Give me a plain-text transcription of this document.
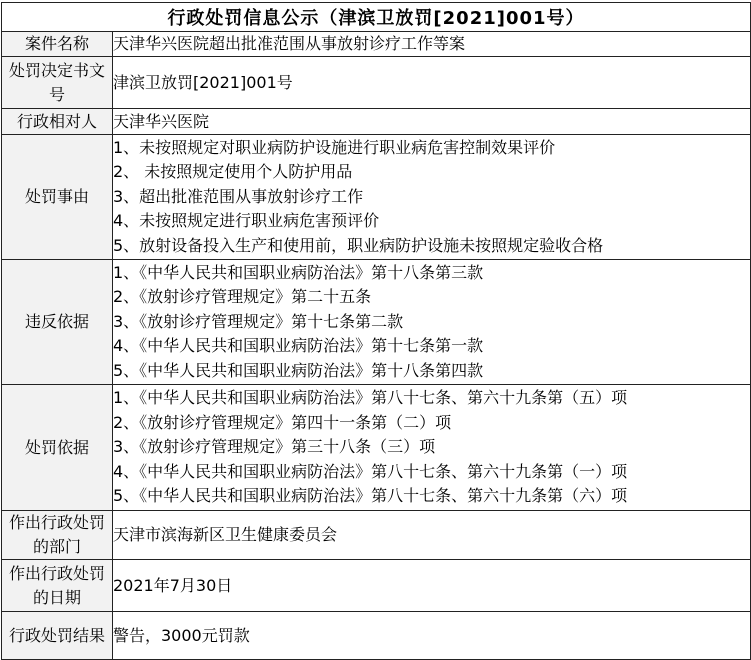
行政处罚信息公示（津滨卫放罚[2021]001号）	
案件名称	天津华兴医院超出批准范围从事放射诊疗工作等案
处罚决定书文号	津滨卫放罚[2021]001号
行政相对人	天津华兴医院
处罚事由	1、未按照规定对职业病防护设施进行职业病危害控制效果评价
2、 未按照规定使用个人防护用品
3、超出批准范围从事放射诊疗工作
4、未按照规定进行职业病危害预评价
5、放射设备投入生产和使用前，职业病防护设施未按照规定验收合格

违反依据	1、《中华人民共和国职业病防治法》第十八条第三款
2、《放射诊疗管理规定》第二十五条
3、《放射诊疗管理规定》第十七条第二款
4、《中华人民共和国职业病防治法》第十七条第一款
5、《中华人民共和国职业病防治法》第十八条第四款

处罚依据	1、《中华人民共和国职业病防治法》第八十七条、第六十九条第（五）项
2、《放射诊疗管理规定》第四十一条第（二）项
3、《放射诊疗管理规定》第三十八条（三）项
4、《中华人民共和国职业病防治法》第八十七条、第六十九条第（一）项
5、《中华人民共和国职业病防治法》第八十七条、第六十九条第（六）项

作出行政处罚的部门	天津市滨海新区卫生健康委员会
作出行政处罚的日期	2021年7月30日
行政处罚结果	警告，3000元罚款
